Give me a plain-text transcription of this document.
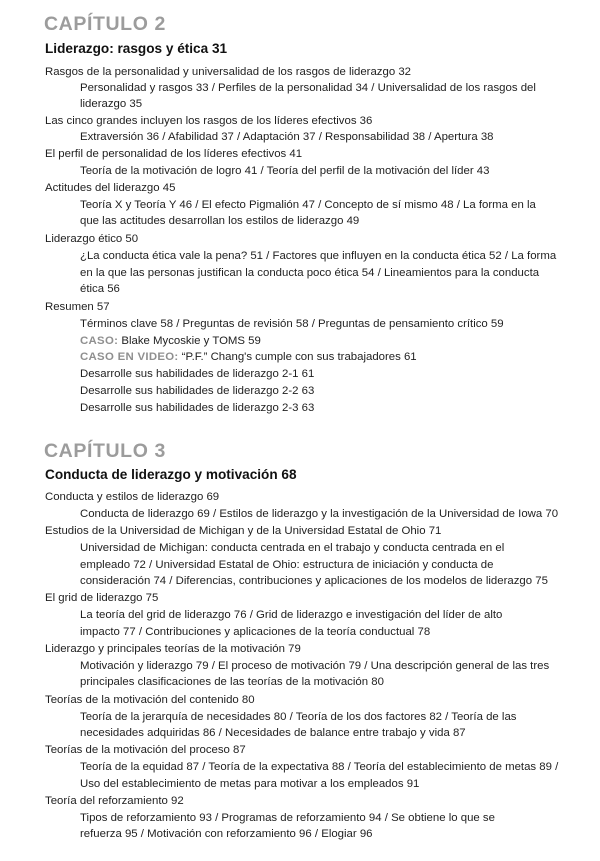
CAPÍTULO 2
Liderazgo: rasgos y ética 31
Rasgos de la personalidad y universalidad de los rasgos de liderazgo 32
Personalidad y rasgos 33 / Perfiles de la personalidad 34 / Universalidad de los rasgos del
liderazgo 35
Las cinco grandes incluyen los rasgos de los líderes efectivos 36
Extraversión 36 / Afabilidad 37 / Adaptación 37 / Responsabilidad 38 / Apertura 38
El perfil de personalidad de los líderes efectivos 41
Teoría de la motivación de logro 41 / Teoría del perfil de la motivación del líder 43
Actitudes del liderazgo 45
Teoría X y Teoría Y 46 / El efecto Pigmalión 47 / Concepto de sí mismo 48 / La forma en la
que las actitudes desarrollan los estilos de liderazgo 49
Liderazgo ético 50
¿La conducta ética vale la pena? 51 / Factores que influyen en la conducta ética 52 / La forma
en la que las personas justifican la conducta poco ética 54 / Lineamientos para la conducta
ética 56
Resumen 57
Términos clave 58 / Preguntas de revisión 58 / Preguntas de pensamiento crítico 59
CASO: Blake Mycoskie y TOMS 59
CASO EN VIDEO: “P.F.” Chang's cumple con sus trabajadores 61
Desarrolle sus habilidades de liderazgo 2-1 61
Desarrolle sus habilidades de liderazgo 2-2 63
Desarrolle sus habilidades de liderazgo 2-3 63
CAPÍTULO 3
Conducta de liderazgo y motivación 68
Conducta y estilos de liderazgo 69
Conducta de liderazgo 69 / Estilos de liderazgo y la investigación de la Universidad de Iowa 70
Estudios de la Universidad de Michigan y de la Universidad Estatal de Ohio 71
Universidad de Michigan: conducta centrada en el trabajo y conducta centrada en el
empleado 72 / Universidad Estatal de Ohio: estructura de iniciación y conducta de
consideración 74 / Diferencias, contribuciones y aplicaciones de los modelos de liderazgo 75
El grid de liderazgo 75
La teoría del grid de liderazgo 76 / Grid de liderazgo e investigación del líder de alto
impacto 77 / Contribuciones y aplicaciones de la teoría conductual 78
Liderazgo y principales teorías de la motivación 79
Motivación y liderazgo 79 / El proceso de motivación 79 / Una descripción general de las tres
principales clasificaciones de las teorías de la motivación 80
Teorías de la motivación del contenido 80
Teoría de la jerarquía de necesidades 80 / Teoría de los dos factores 82 / Teoría de las
necesidades adquiridas 86 / Necesidades de balance entre trabajo y vida 87
Teorías de la motivación del proceso 87
Teoría de la equidad 87 / Teoría de la expectativa 88 / Teoría del establecimiento de metas 89 /
Uso del establecimiento de metas para motivar a los empleados 91
Teoría del reforzamiento 92
Tipos de reforzamiento 93 / Programas de reforzamiento 94 / Se obtiene lo que se
refuerza 95 / Motivación con reforzamiento 96 / Elogiar 96
